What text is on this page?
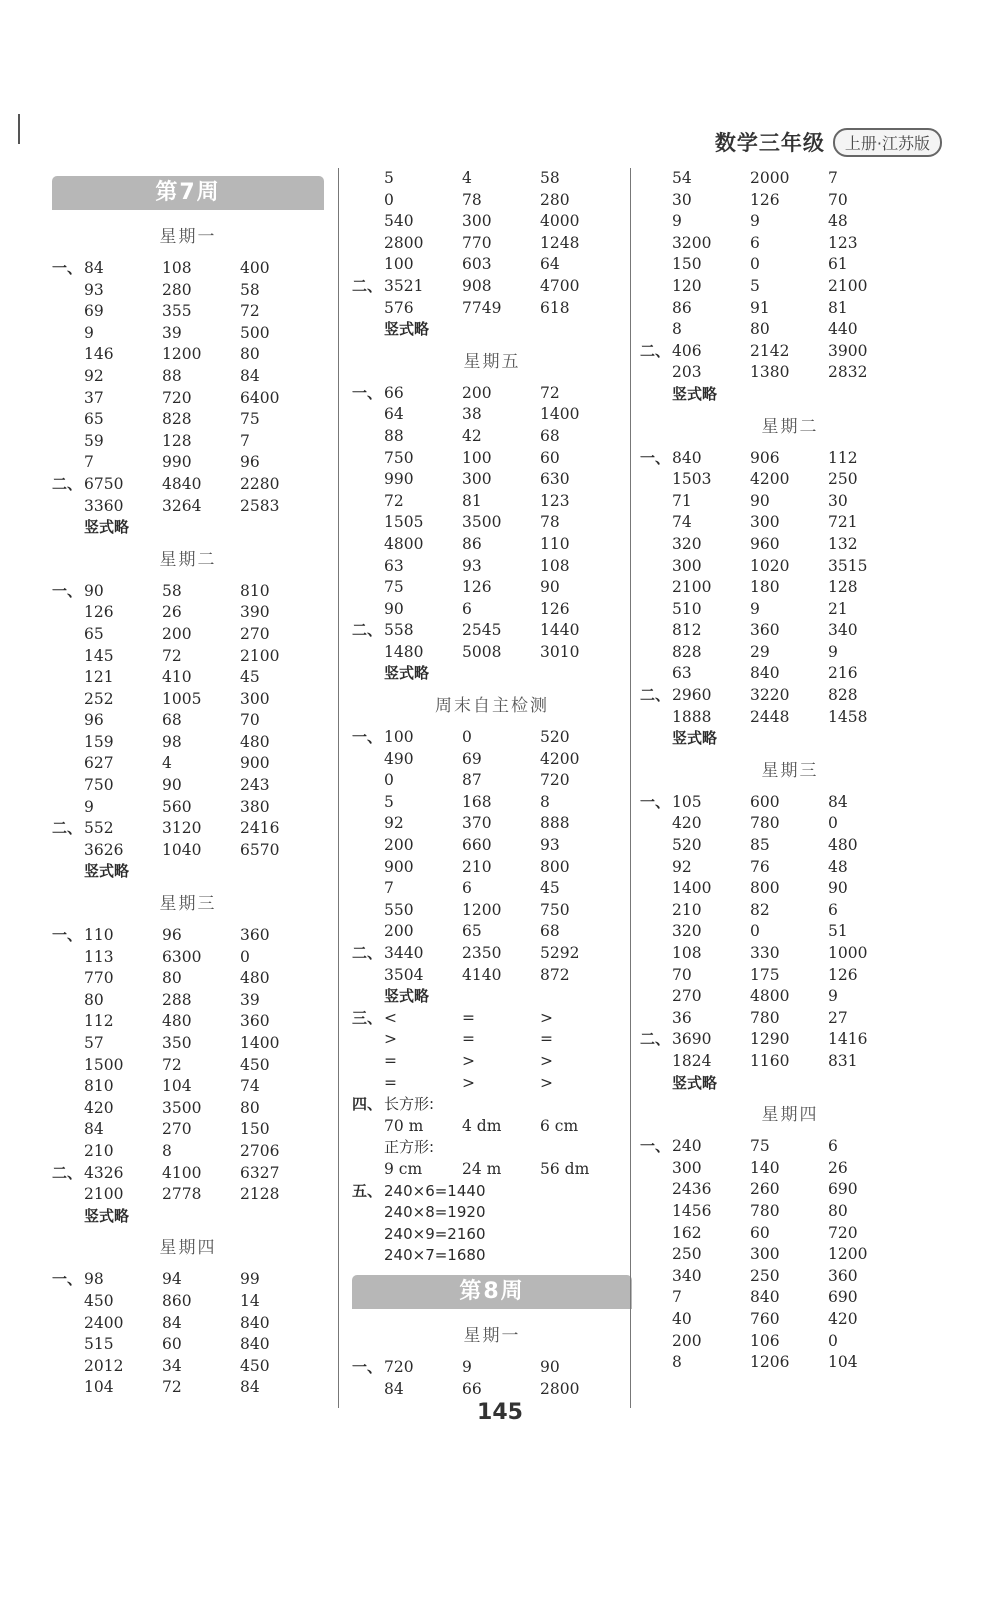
数学三年级	上册·江苏版
第7周
星期一
一、 84	108	400
93	280	58
69	355	72
9	39	500
146	1200	80
92	88	84
37	720	6400
65	828	75
59	128	7
7	990	96
二、 6750	4840	2280
3360	3264	2583
竖式略
星期二
一、 90	58	810
126	26	390
65	200	270
145	72	2100
121	410	45
252	1005	300
96	68	70
159	98	480
627	4	900
750	90	243
9	560	380
二、 552	3120	2416
3626	1040	6570
竖式略
星期三
一、 110	96	360
113	6300	0
770	80	480
80	288	39
112	480	360
57	350	1400
1500	72	450
810	104	74
420	3500	80
84	270	150
210	8	2706
二、 4326	4100	6327
2100	2778	2128
竖式略
星期四
一、 98	94	99
450	860	14
2400	84	840
515	60	840
2012	34	450
104	72	84
5	4	58
0	78	280
540	300	4000
2800	770	1248
100	603	64
二、 3521	908	4700
576	7749	618
竖式略
星期五
一、 66	200	72
64	38	1400
88	42	68
750	100	60
990	300	630
72	81	123
1505	3500	78
4800	86	110
63	93	108
75	126	90
90	6	126
二、 558	2545	1440
1480	5008	3010
竖式略
周末自主检测
一、 100	0	520
490	69	4200
0	87	720
5	168	8
92	370	888
200	660	93
900	210	800
7	6	45
550	1200	750
200	65	68
二、 3440	2350	5292
3504	4140	872
竖式略
三、 <	=	>
>	=	=
=	>	>
=	>	>
四、 长方形:
70 m	4 dm	6 cm
正方形:
9 cm	24 m	56 dm
五、 240×6=1440
240×8=1920
240×9=2160
240×7=1680
第8周
星期一
一、 720	9	90
84	66	2800
54	2000	7
30	126	70
9	9	48
3200	6	123
150	0	61
120	5	2100
86	91	81
8	80	440
二、 406	2142	3900
203	1380	2832
竖式略
星期二
一、 840	906	112
1503	4200	250
71	90	30
74	300	721
320	960	132
300	1020	3515
2100	180	128
510	9	21
812	360	340
828	29	9
63	840	216
二、 2960	3220	828
1888	2448	1458
竖式略
星期三
一、 105	600	84
420	780	0
520	85	480
92	76	48
1400	800	90
210	82	6
320	0	51
108	330	1000
70	175	126
270	4800	9
36	780	27
二、 3690	1290	1416
1824	1160	831
竖式略
星期四
一、 240	75	6
300	140	26
2436	260	690
1456	780	80
162	60	720
250	300	1200
340	250	360
7	840	690
40	760	420
200	106	0
8	1206	104
145
